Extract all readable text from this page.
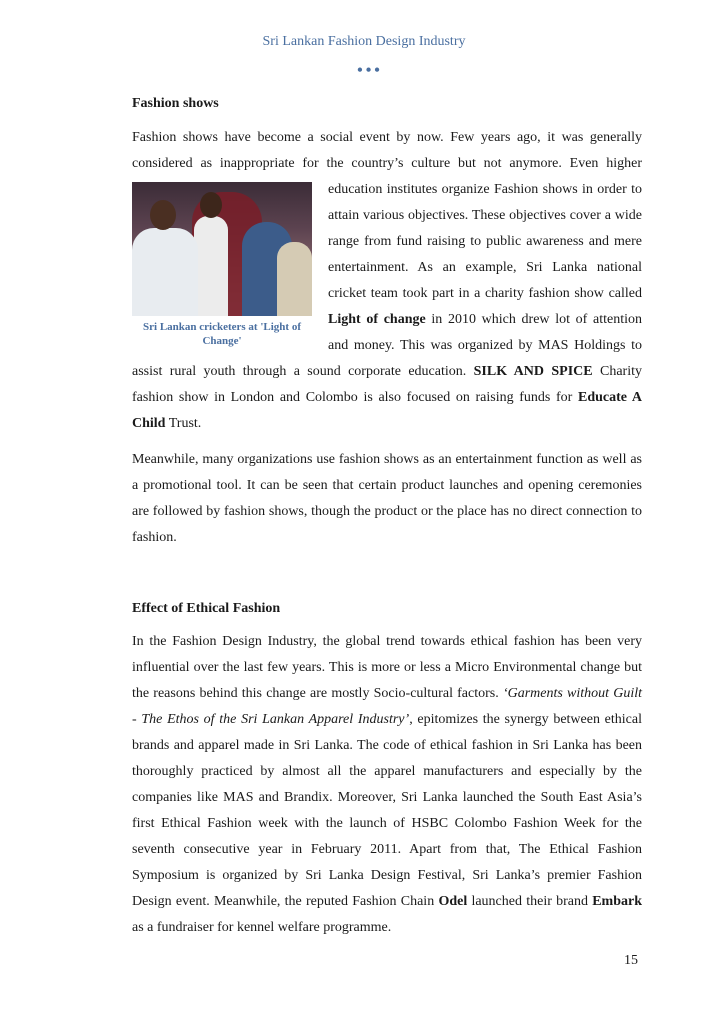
Sri Lankan Fashion Design Industry
•••
Fashion shows

Fashion shows have become a social event by now. Few years ago, it was generally considered as inappropriate for the country’s culture but not anymore. Even higher
Sri Lankan cricketers at 'Light of Change'
education institutes organize Fashion shows in order to attain various objectives. These objectives cover a wide range from fund raising to public awareness and mere entertainment. As an example, Sri Lanka national cricket team took part in a charity fashion show called Light of change in 2010 which drew lot of attention and money. This was organized by MAS Holdings to assist rural youth through a sound corporate education. SILK AND SPICE Charity fashion show in London and Colombo is also focused on raising funds for Educate A Child Trust.

Meanwhile, many organizations use fashion shows as an entertainment function as well as a promotional tool. It can be seen that certain product launches and opening ceremonies are followed by fashion shows, though the product or the place has no direct connection to fashion.

Effect of Ethical Fashion

In the Fashion Design Industry, the global trend towards ethical fashion has been very influential over the last few years. This is more or less a Micro Environmental change but the reasons behind this change are mostly Socio-cultural factors. ‘Garments without Guilt - The Ethos of the Sri Lankan Apparel Industry’, epitomizes the synergy between ethical brands and apparel made in Sri Lanka. The code of ethical fashion in Sri Lanka has been thoroughly practiced by almost all the apparel manufacturers and especially by the companies like MAS and Brandix. Moreover, Sri Lanka launched the South East Asia’s first Ethical Fashion week with the launch of HSBC Colombo Fashion Week for the seventh consecutive year in February 2011. Apart from that, The Ethical Fashion Symposium is organized by Sri Lanka Design Festival, Sri Lanka’s premier Fashion Design event. Meanwhile, the reputed Fashion Chain Odel launched their brand Embark as a fundraiser for kennel welfare programme.

15
